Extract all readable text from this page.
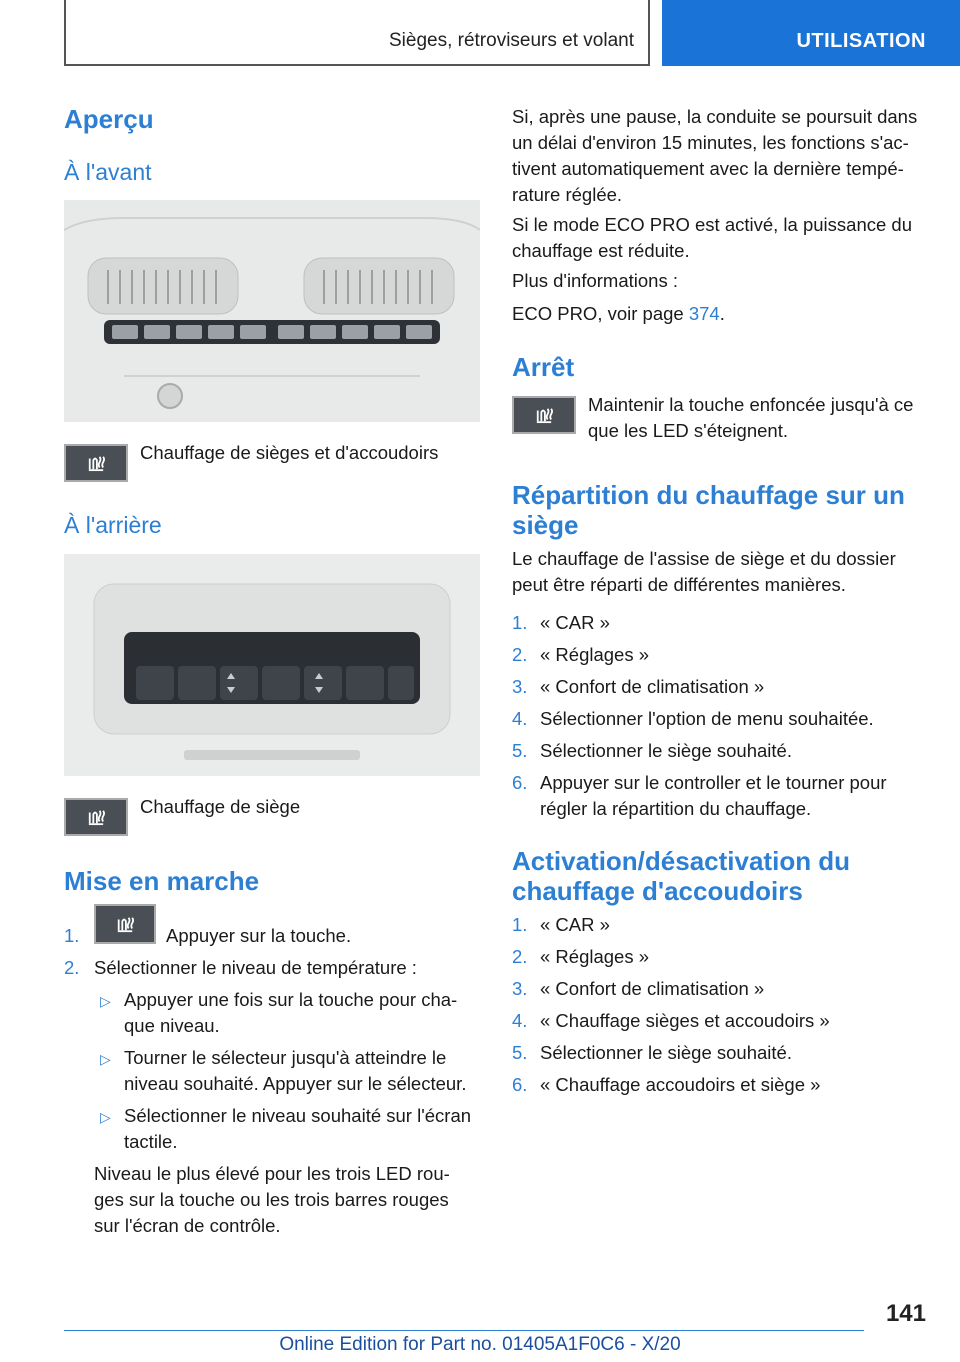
Sièges, rétroviseurs et volant	UTILISATION
Aperçu
À l'avant
Chauffage de sièges et d'accoudoirs
À l'arrière
Chauffage de siège
Mise en marche
1.	Appuyer sur la touche.
2. Sélectionner le niveau de température :
▷ Appuyer une fois sur la touche pour cha-
que niveau.
▷ Tourner le sélecteur jusqu'à atteindre le
niveau souhaité. Appuyer sur le sélecteur.
▷ Sélectionner le niveau souhaité sur l'écran
tactile.
Niveau le plus élevé pour les trois LED rou-
ges sur la touche ou les trois barres rouges
sur l'écran de contrôle.
Si, après une pause, la conduite se poursuit dans
un délai d'environ 15 minutes, les fonctions s'ac-
tivent automatiquement avec la dernière tempé-
rature réglée.
Si le mode ECO PRO est activé, la puissance du
chauffage est réduite.
Plus d'informations :
ECO PRO, voir page 374.
Arrêt
Maintenir la touche enfoncée jusqu'à ce
que les LED s'éteignent.
Répartition du chauffage sur un
siège
Le chauffage de l'assise de siège et du dossier
peut être réparti de différentes manières.
1. « CAR »
2. « Réglages »
3. « Confort de climatisation »
4. Sélectionner l'option de menu souhaitée.
5. Sélectionner le siège souhaité.
6. Appuyer sur le controller et le tourner pour
régler la répartition du chauffage.
Activation/désactivation du
chauffage d'accoudoirs
1. « CAR »
2. « Réglages »
3. « Confort de climatisation »
4. « Chauffage sièges et accoudoirs »
5. Sélectionner le siège souhaité.
6. « Chauffage accoudoirs et siège »
141
Online Edition for Part no. 01405A1F0C6 - X/20
